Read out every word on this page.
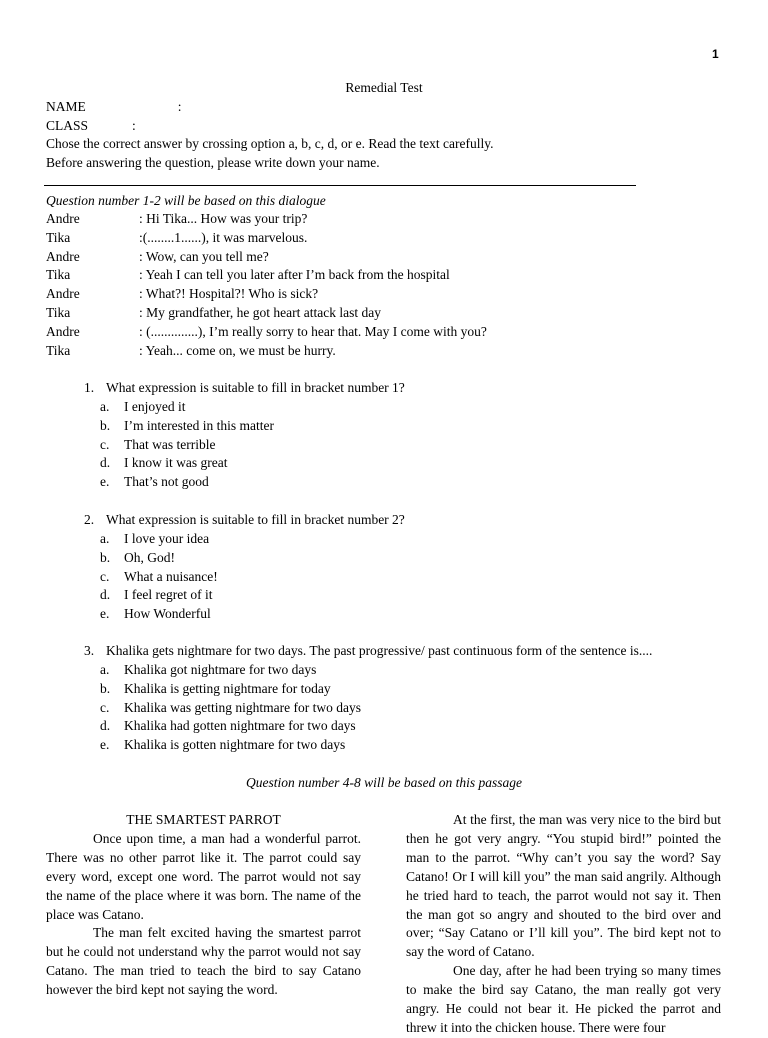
1
Remedial Test
NAME	:
CLASS	:
Chose the correct answer by crossing option a, b, c, d, or e. Read the text carefully.
Before answering the question, please write down your name.
Question number 1-2 will be based on this dialogue
Andre	: Hi Tika... How was your trip?
Tika	:(........1......), it was marvelous.
Andre	: Wow, can you tell me?
Tika	: Yeah I can tell you later after I’m back from the hospital
Andre	: What?! Hospital?! Who is sick?
Tika	: My grandfather, he got heart attack last day
Andre	: (..............), I’m really sorry to hear that. May I come with you?
Tika	: Yeah... come on, we must be hurry.
1. What expression is suitable to fill in bracket number 1?
a. I enjoyed it
b. I’m interested in this matter
c. That was terrible
d. I know it was great
e. That’s not good
2. What expression is suitable to fill in bracket number 2?
a. I love your idea
b. Oh, God!
c. What a nuisance!
d. I feel regret of it
e. How Wonderful
3. Khalika gets nightmare for two days. The past progressive/ past continuous form of the sentence is....
a. Khalika got nightmare for two days
b. Khalika is getting nightmare for today
c. Khalika was getting nightmare for two days
d. Khalika had gotten nightmare for two days
e. Khalika is gotten nightmare for two days
Question number 4-8 will be based on this passage

THE SMARTEST PARROT

Once upon time, a man had a wonderful parrot. There was no other parrot like it. The parrot could say every word, except one word. The parrot would not say the name of the place where it was born. The name of the place was Catano.

The man felt excited having the smartest parrot but he could not understand why the parrot would not say Catano. The man tried to teach the bird to say Catano however the bird kept not saying the word.

At the first, the man was very nice to the bird but then he got very angry. “You stupid bird!” pointed the man to the parrot. “Why can’t you say the word? Say Catano! Or I will kill you” the man said angrily. Although he tried hard to teach, the parrot would not say it. Then the man got so angry and shouted to the bird over and over; “Say Catano or I’ll kill you”. The bird kept not to say the word of Catano.

One day, after he had been trying so many times to make the bird say Catano, the man really got very angry. He could not bear it. He picked the parrot and threw it into the chicken house. There were four
